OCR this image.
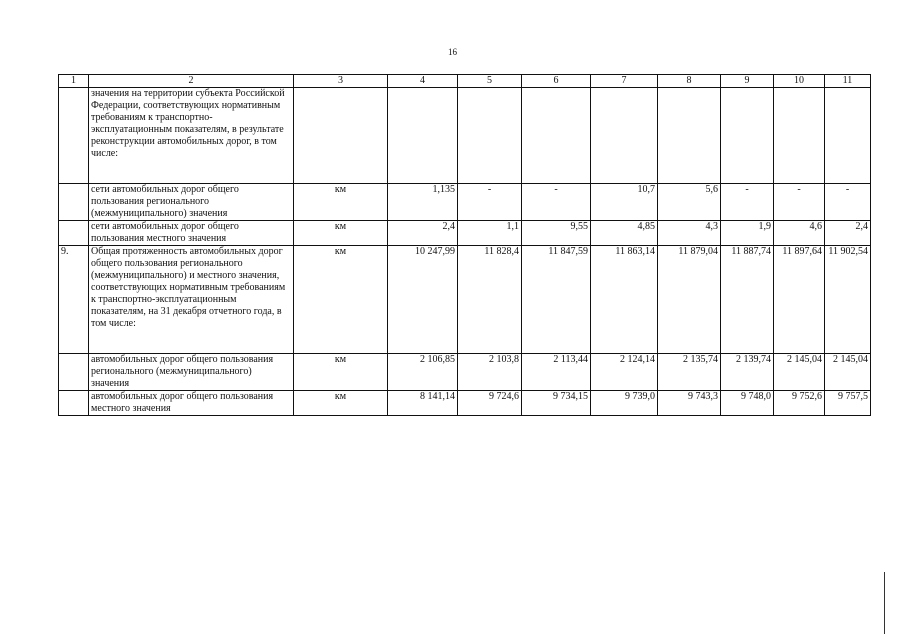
16
1	2	3	4	5	6	7	8	9	10	11
	значения на территории субъекта Российской Федерации, соответствующих нормативным требованиям к транспортно-эксплуатационным показателям, в результате реконструкции автомобильных дорог, в том числе:									
	сети автомобильных дорог общего пользования регионального (межмуниципального) значения	км	1,135	-	-	10,7	5,6	-	-	-
	сети автомобильных дорог общего пользования местного значения	км	2,4	1,1	9,55	4,85	4,3	1,9	4,6	2,4
9.	Общая протяженность автомобильных дорог общего пользования регионального (межмуниципального) и местного значения, соответствующих нормативным требованиям к транспортно-эксплуатационным показателям, на 31 декабря отчетного года, в том числе:	км	10 247,99	11 828,4	11 847,59	11 863,14	11 879,04	11 887,74	11 897,64	11 902,54
	автомобильных дорог общего пользования регионального (межмуниципального) значения	км	2 106,85	2 103,8	2 113,44	2 124,14	2 135,74	2 139,74	2 145,04	2 145,04
	автомобильных дорог общего пользования местного значения	км	8 141,14	9 724,6	9 734,15	9 739,0	9 743,3	9 748,0	9 752,6	9 757,5
